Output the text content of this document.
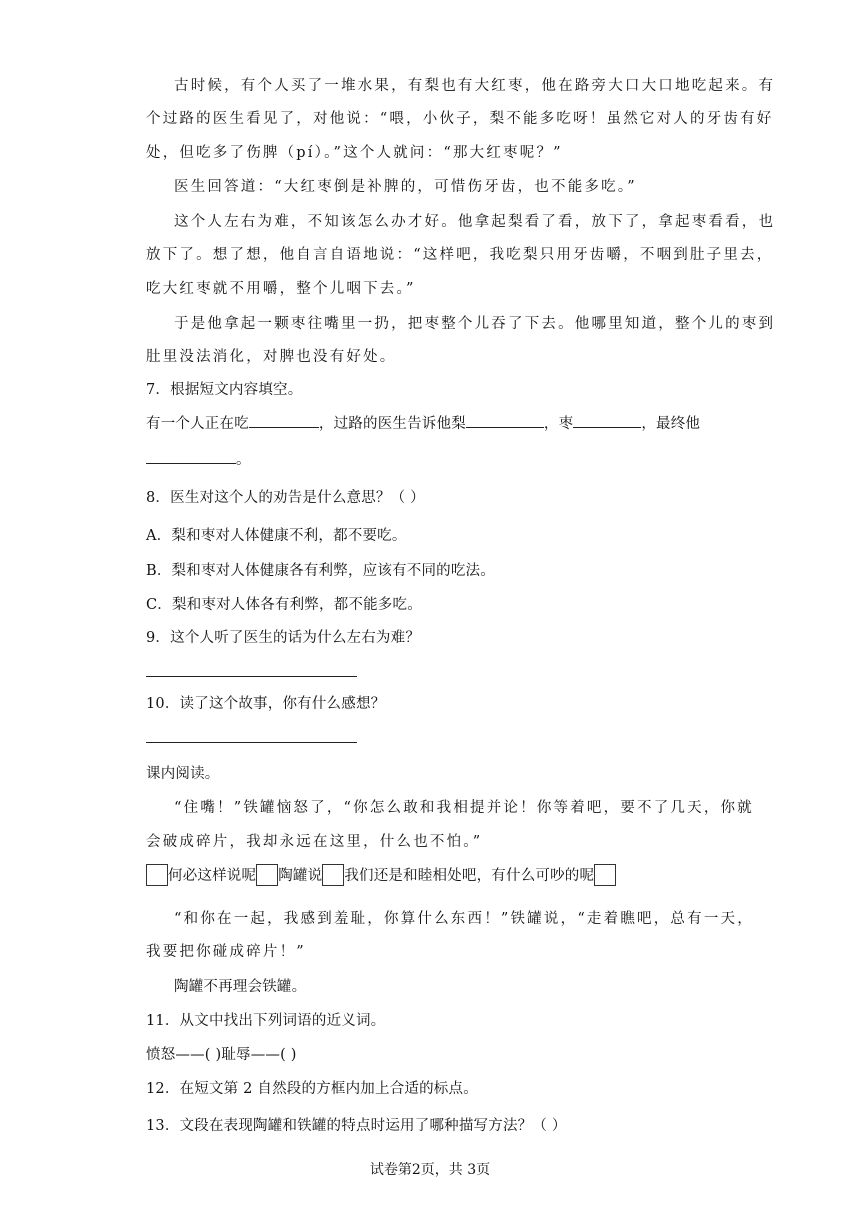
古时候，有个人买了一堆水果，有梨也有大红枣，他在路旁大口大口地吃起来。有
个过路的医生看见了，对他说：“喂，小伙子，梨不能多吃呀！虽然它对人的牙齿有好
处，但吃多了伤脾（pí）。”这个人就问：“那大红枣呢？”
医生回答道：“大红枣倒是补脾的，可惜伤牙齿，也不能多吃。”
这个人左右为难，不知该怎么办才好。他拿起梨看了看，放下了，拿起枣看看，也
放下了。想了想，他自言自语地说：“这样吧，我吃梨只用牙齿嚼，不咽到肚子里去，
吃大红枣就不用嚼，整个儿咽下去。”
于是他拿起一颗枣往嘴里一扔，把枣整个儿吞了下去。他哪里知道，整个儿的枣到
肚里没法消化，对脾也没有好处。
7．根据短文内容填空。
有一个人正在吃	，过路的医生告诉他梨	，枣	，最终他
。
8．医生对这个人的劝告是什么意思？（ ）
A．梨和枣对人体健康不利，都不要吃。
B．梨和枣对人体健康各有利弊，应该有不同的吃法。
C．梨和枣对人体各有利弊，都不能多吃。
9．这个人听了医生的话为什么左右为难？
10．读了这个故事，你有什么感想？
课内阅读。
“住嘴！”铁罐恼怒了，“你怎么敢和我相提并论！你等着吧，要不了几天，你就
会破成碎片，我却永远在这里，什么也不怕。”
何必这样说呢 陶罐说 我们还是和睦相处吧，有什么可吵的呢
“和你在一起，我感到羞耻，你算什么东西！”铁罐说，“走着瞧吧，总有一天，
我要把你碰成碎片！”
陶罐不再理会铁罐。
11．从文中找出下列词语的近义词。
愤怒——( )耻辱——( )
12．在短文第 2 自然段的方框内加上合适的标点。
13．文段在表现陶罐和铁罐的特点时运用了哪种描写方法？（ ）
试卷第2页，共 3页
